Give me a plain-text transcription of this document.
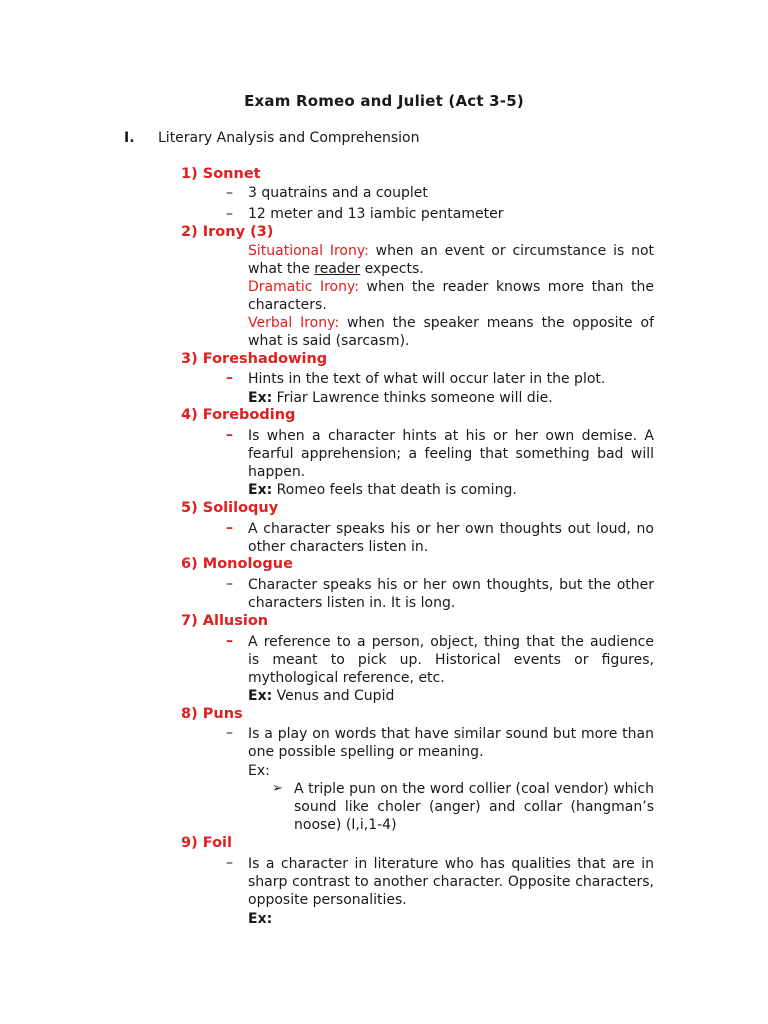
Exam Romeo and Juliet (Act 3-5)
I. Literary Analysis and Comprehension
1) Sonnet
– 3 quatrains and a couplet
– 12 meter and 13 iambic pentameter
2) Irony (3)
Situational Irony: when an event or circumstance is not what the reader expects.
Dramatic Irony: when the reader knows more than the characters.
Verbal Irony: when the speaker means the opposite of what is said (sarcasm).
3) Foreshadowing
– Hints in the text of what will occur later in the plot.
Ex: Friar Lawrence thinks someone will die.
4) Foreboding
– Is when a character hints at his or her own demise. A fearful apprehension; a feeling that something bad will happen.
Ex: Romeo feels that death is coming.
5) Soliloquy
– A character speaks his or her own thoughts out loud, no other characters listen in.
6) Monologue
– Character speaks his or her own thoughts, but the other characters listen in. It is long.
7) Allusion
– A reference to a person, object, thing that the audience is meant to pick up. Historical events or figures, mythological reference, etc.
Ex: Venus and Cupid
8) Puns
– Is a play on words that have similar sound but more than one possible spelling or meaning.
Ex:
➢ A triple pun on the word collier (coal vendor) which sound like choler (anger) and collar (hangman’s noose) (I,i,1-4)
9) Foil
– Is a character in literature who has qualities that are in sharp contrast to another character. Opposite characters, opposite personalities.
Ex:
